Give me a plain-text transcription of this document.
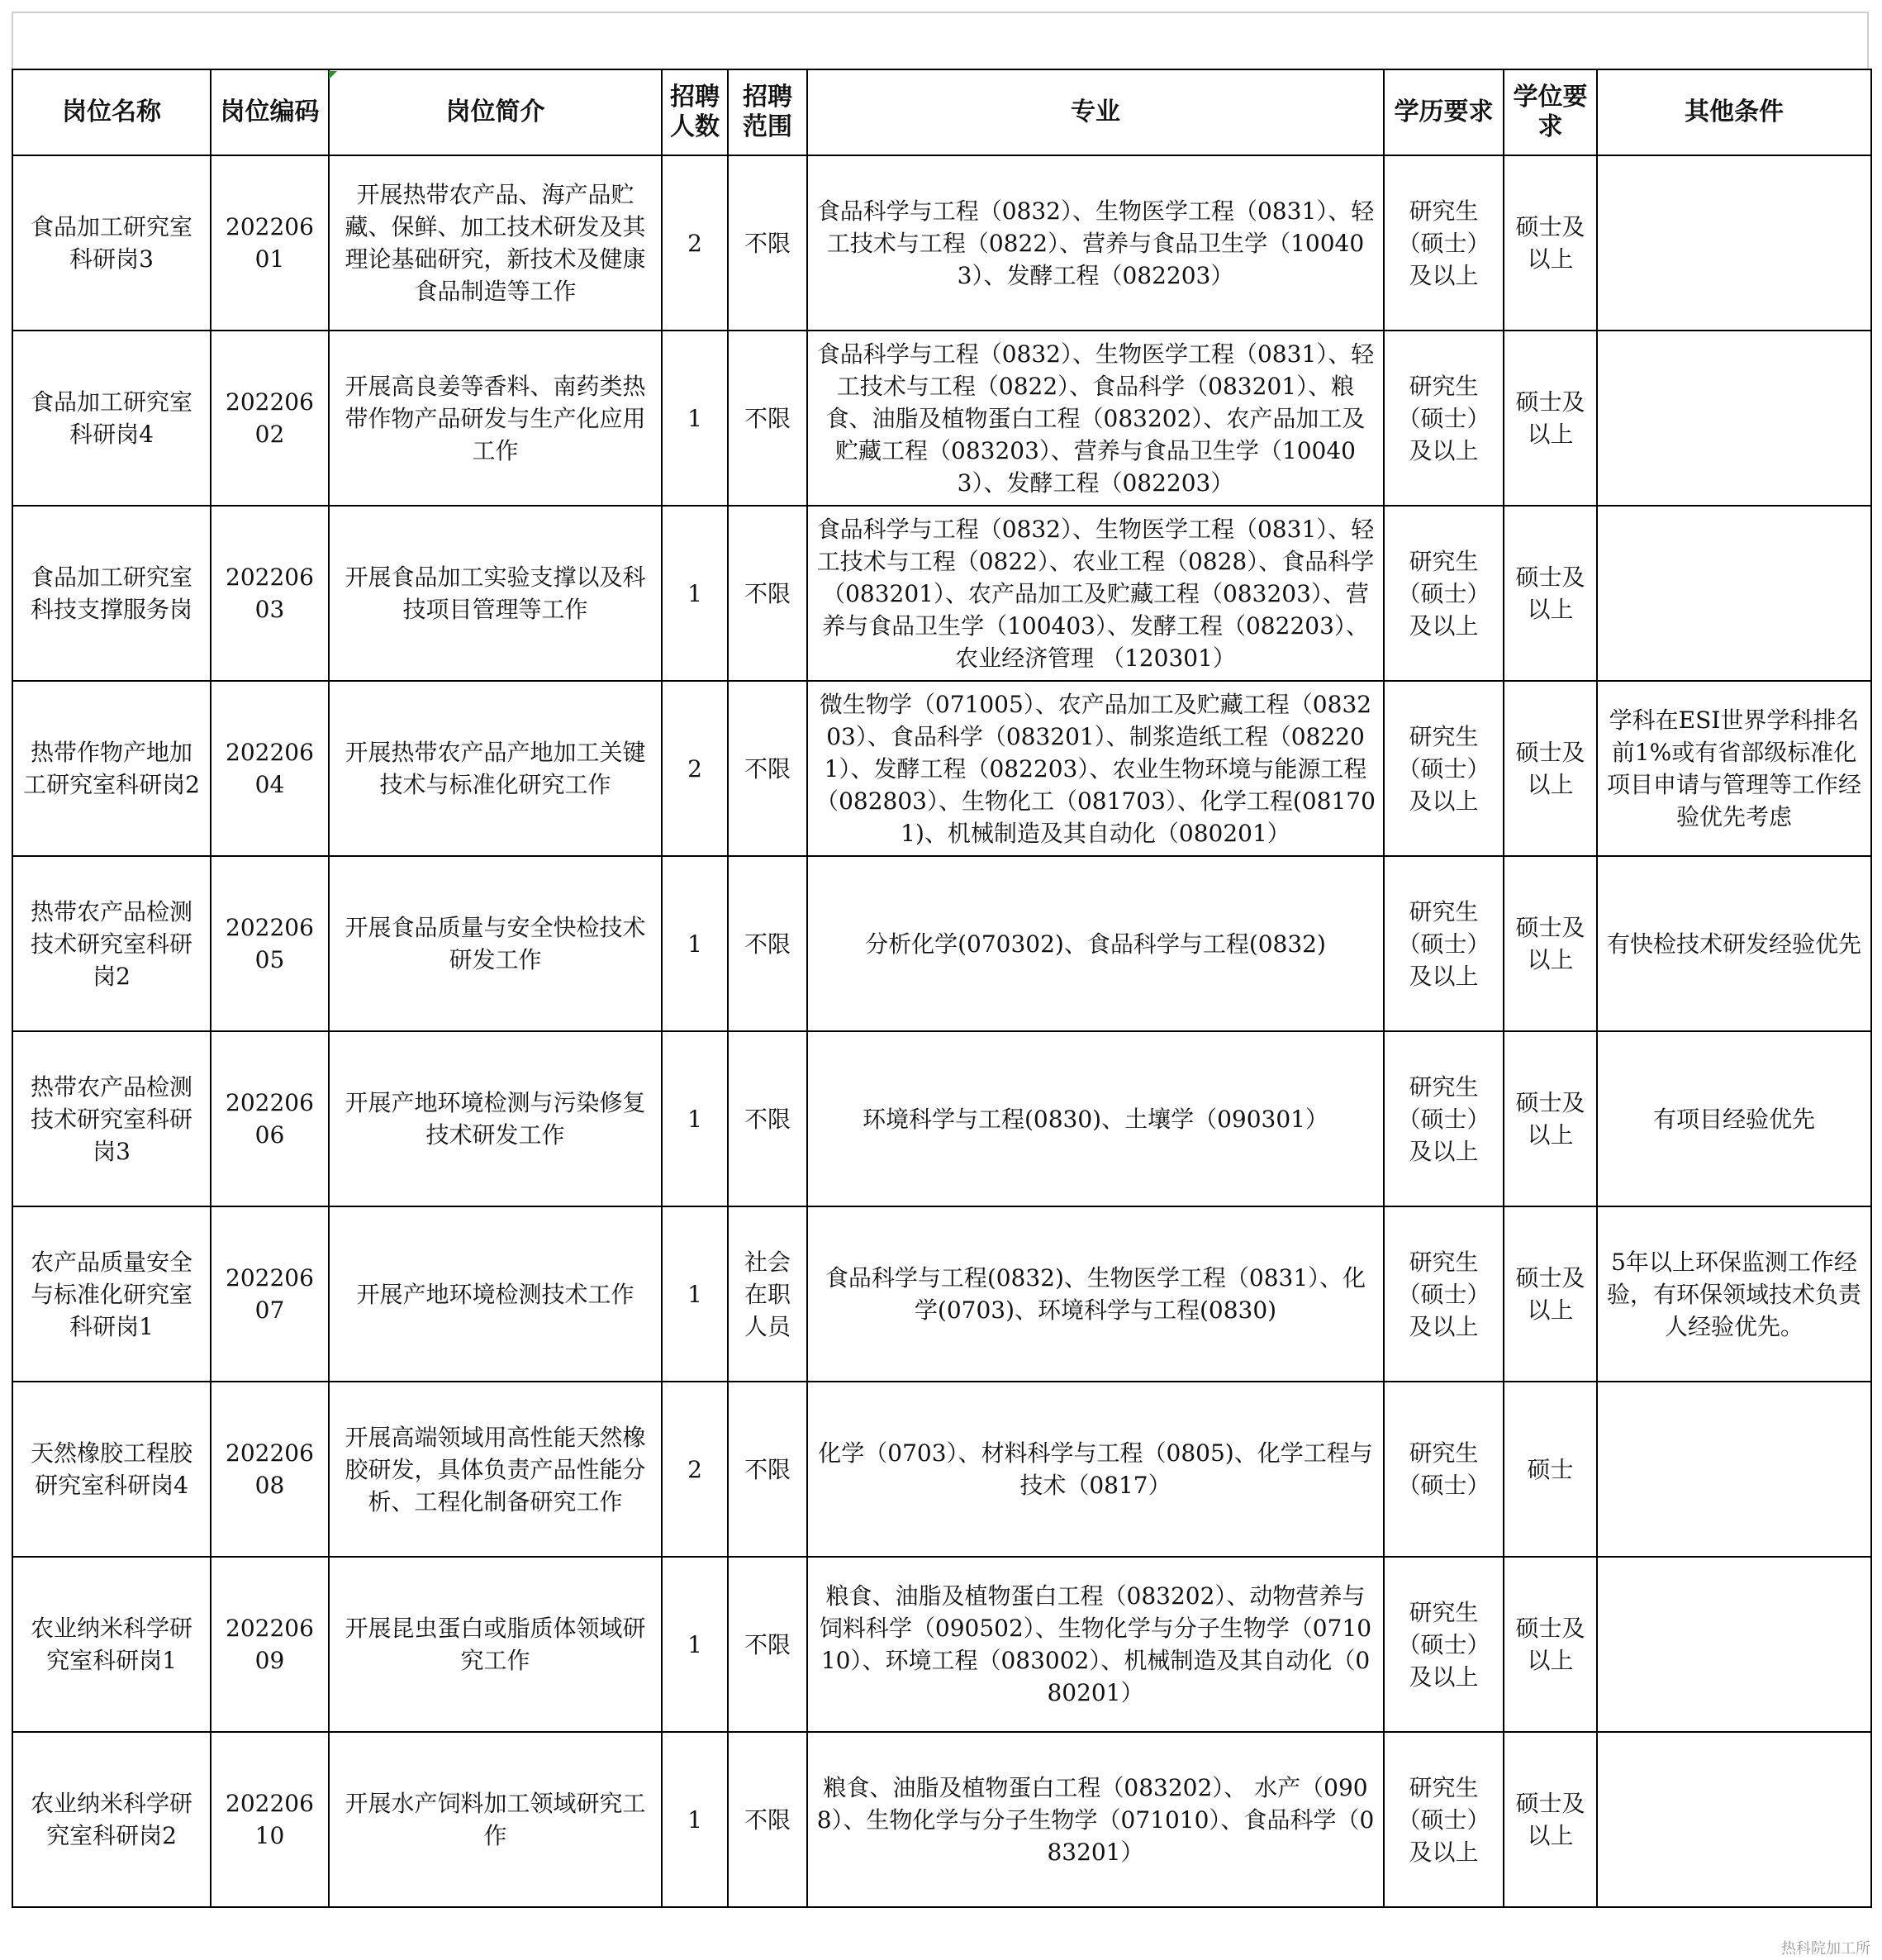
岗位名称	岗位编码	岗位简介	招聘人数	招聘范围	专业	学历要求	学位要求	其他条件
食品加工研究室科研岗3	20220601	开展热带农产品、海产品贮藏、保鲜、加工技术研发及其理论基础研究，新技术及健康食品制造等工作	2	不限	食品科学与工程（0832）、生物医学工程（0831）、轻工技术与工程（0822）、营养与食品卫生学（100403）、发酵工程（082203）	研究生（硕士）及以上	硕士及以上	
食品加工研究室科研岗4	20220602	开展高良姜等香料、南药类热带作物产品研发与生产化应用工作	1	不限	食品科学与工程（0832）、生物医学工程（0831）、轻工技术与工程（0822）、食品科学（083201）、粮食、油脂及植物蛋白工程（083202）、农产品加工及贮藏工程（083203）、营养与食品卫生学（100403）、发酵工程（082203）	研究生（硕士）及以上	硕士及以上	
食品加工研究室科技支撑服务岗	20220603	开展食品加工实验支撑以及科技项目管理等工作	1	不限	食品科学与工程（0832）、生物医学工程（0831）、轻工技术与工程（0822）、农业工程（0828）、食品科学（083201）、农产品加工及贮藏工程（083203）、营养与食品卫生学（100403）、发酵工程（082203）、农业经济管理 （120301）	研究生（硕士）及以上	硕士及以上	
热带作物产地加工研究室科研岗2	20220604	开展热带农产品产地加工关键技术与标准化研究工作	2	不限	微生物学（071005）、农产品加工及贮藏工程（083203）、食品科学（083201）、制浆造纸工程（082201）、发酵工程（082203）、农业生物环境与能源工程（082803）、生物化工（081703）、化学工程(081701)、机械制造及其自动化（080201）	研究生（硕士）及以上	硕士及以上	学科在ESI世界学科排名前1%或有省部级标准化项目申请与管理等工作经验优先考虑
热带农产品检测技术研究室科研岗2	20220605	开展食品质量与安全快检技术研发工作	1	不限	分析化学(070302)、食品科学与工程(0832)	研究生（硕士）及以上	硕士及以上	有快检技术研发经验优先
热带农产品检测技术研究室科研岗3	20220606	开展产地环境检测与污染修复技术研发工作	1	不限	环境科学与工程(0830)、土壤学（090301）	研究生（硕士）及以上	硕士及以上	有项目经验优先
农产品质量安全与标准化研究室科研岗1	20220607	开展产地环境检测技术工作	1	社会在职人员	食品科学与工程(0832)、生物医学工程（0831）、化学(0703)、环境科学与工程(0830)	研究生（硕士）及以上	硕士及以上	5年以上环保监测工作经验，有环保领域技术负责人经验优先。
天然橡胶工程胶研究室科研岗4	20220608	开展高端领域用高性能天然橡胶研发，具体负责产品性能分析、工程化制备研究工作	2	不限	化学（0703）、材料科学与工程（0805)、化学工程与技术（0817）	研究生（硕士）	硕士	
农业纳米科学研究室科研岗1	20220609	开展昆虫蛋白或脂质体领域研究工作	1	不限	粮食、油脂及植物蛋白工程（083202）、动物营养与饲料科学（090502）、生物化学与分子生物学（071010）、环境工程（083002）、机械制造及其自动化（080201）	研究生（硕士）及以上	硕士及以上	
农业纳米科学研究室科研岗2	20220610	开展水产饲料加工领域研究工作	1	不限	粮食、油脂及植物蛋白工程（083202）、 水产（0908）、生物化学与分子生物学（071010）、食品科学（083201）	研究生（硕士）及以上	硕士及以上	
热科院加工所
